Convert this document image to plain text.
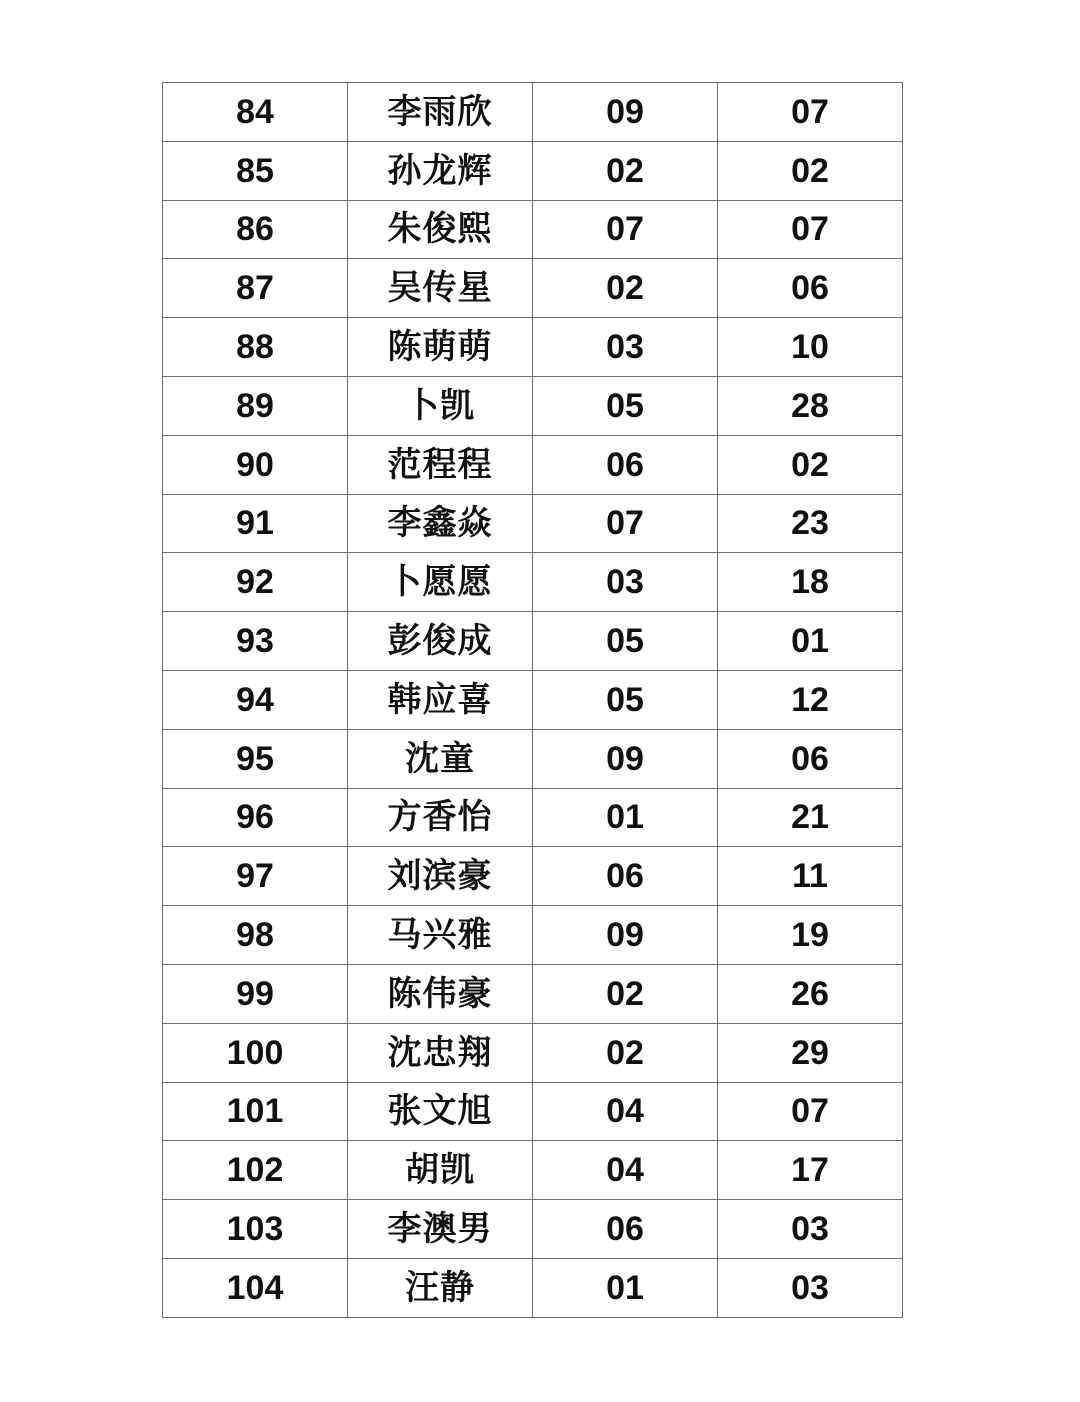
84	李雨欣	09	07
85	孙龙辉	02	02
86	朱俊熙	07	07
87	吴传星	02	06
88	陈萌萌	03	10
89	卜凯	05	28
90	范程程	06	02
91	李鑫焱	07	23
92	卜愿愿	03	18
93	彭俊成	05	01
94	韩应喜	05	12
95	沈童	09	06
96	方香怡	01	21
97	刘滨豪	06	11
98	马兴雅	09	19
99	陈伟豪	02	26
100	沈忠翔	02	29
101	张文旭	04	07
102	胡凯	04	17
103	李澳男	06	03
104	汪静	01	03
